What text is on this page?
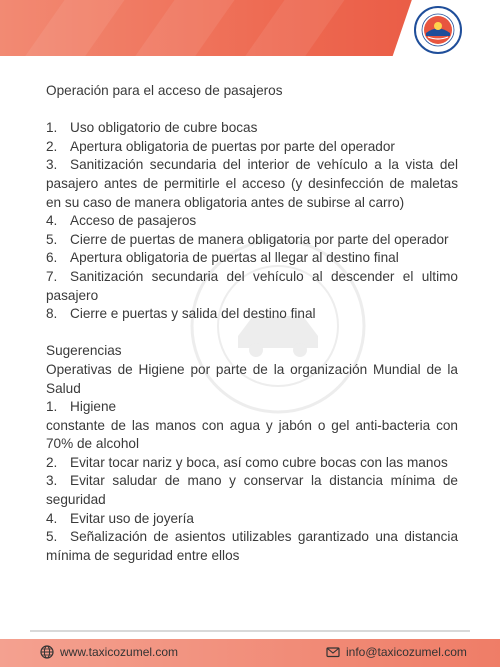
Operación para el acceso de pasajeros

1. Uso obligatorio de cubre bocas

2. Apertura obligatoria de puertas por parte del operador

3. Sanitización secundaria del interior de vehículo a la vista del pasajero antes de permitirle el acceso (y desinfección de maletas en su caso de manera obligatoria antes de subirse al carro)

4. Acceso de pasajeros

5. Cierre de puertas de manera obligatoria por parte del operador

6. Apertura obligatoria de puertas al llegar al destino final

7. Sanitización secundaria del vehículo al descender el ultimo pasajero

8. Cierre e puertas y salida del destino final

Sugerencias

Operativas de Higiene por parte de la organización Mundial de la Salud

1. Higiene

constante de las manos con agua y jabón o gel anti-bacteria con 70% de alcohol

2. Evitar tocar nariz y boca, así como cubre bocas con las manos

3. Evitar saludar de mano y conservar la distancia mínima de seguridad

4. Evitar uso de joyería

5. Señalización de asientos utilizables garantizado una distancia mínima de seguridad entre ellos

www.taxicozumel.com	info@taxicozumel.com
